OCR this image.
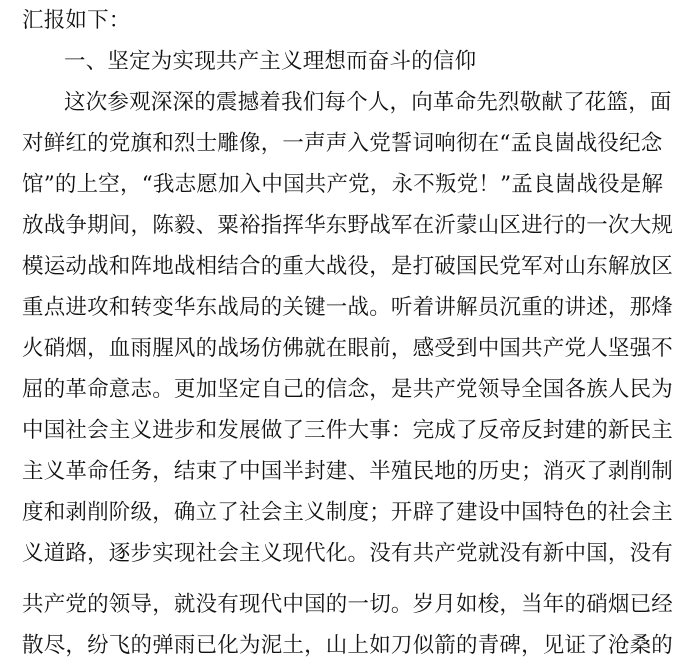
汇报如下：
一、坚定为实现共产主义理想而奋斗的信仰
这次参观深深的震撼着我们每个人，向革命先烈敬献了花篮，面
对鲜红的党旗和烈士雕像，一声声入党誓词响彻在“孟良崮战役纪念
馆”的上空，“我志愿加入中国共产党，永不叛党！”孟良崮战役是解
放战争期间，陈毅、粟裕指挥华东野战军在沂蒙山区进行的一次大规
模运动战和阵地战相结合的重大战役，是打破国民党军对山东解放区
重点进攻和转变华东战局的关键一战。听着讲解员沉重的讲述，那烽
火硝烟，血雨腥风的战场仿佛就在眼前，感受到中国共产党人坚强不
屈的革命意志。更加坚定自己的信念，是共产党领导全国各族人民为
中国社会主义进步和发展做了三件大事：完成了反帝反封建的新民主
主义革命任务，结束了中国半封建、半殖民地的历史；消灭了剥削制
度和剥削阶级，确立了社会主义制度；开辟了建设中国特色的社会主
义道路，逐步实现社会主义现代化。没有共产党就没有新中国，没有
共产党的领导，就没有现代中国的一切。岁月如梭，当年的硝烟已经
散尽，纷飞的弹雨已化为泥土，山上如刀似箭的青碑，见证了沧桑的
